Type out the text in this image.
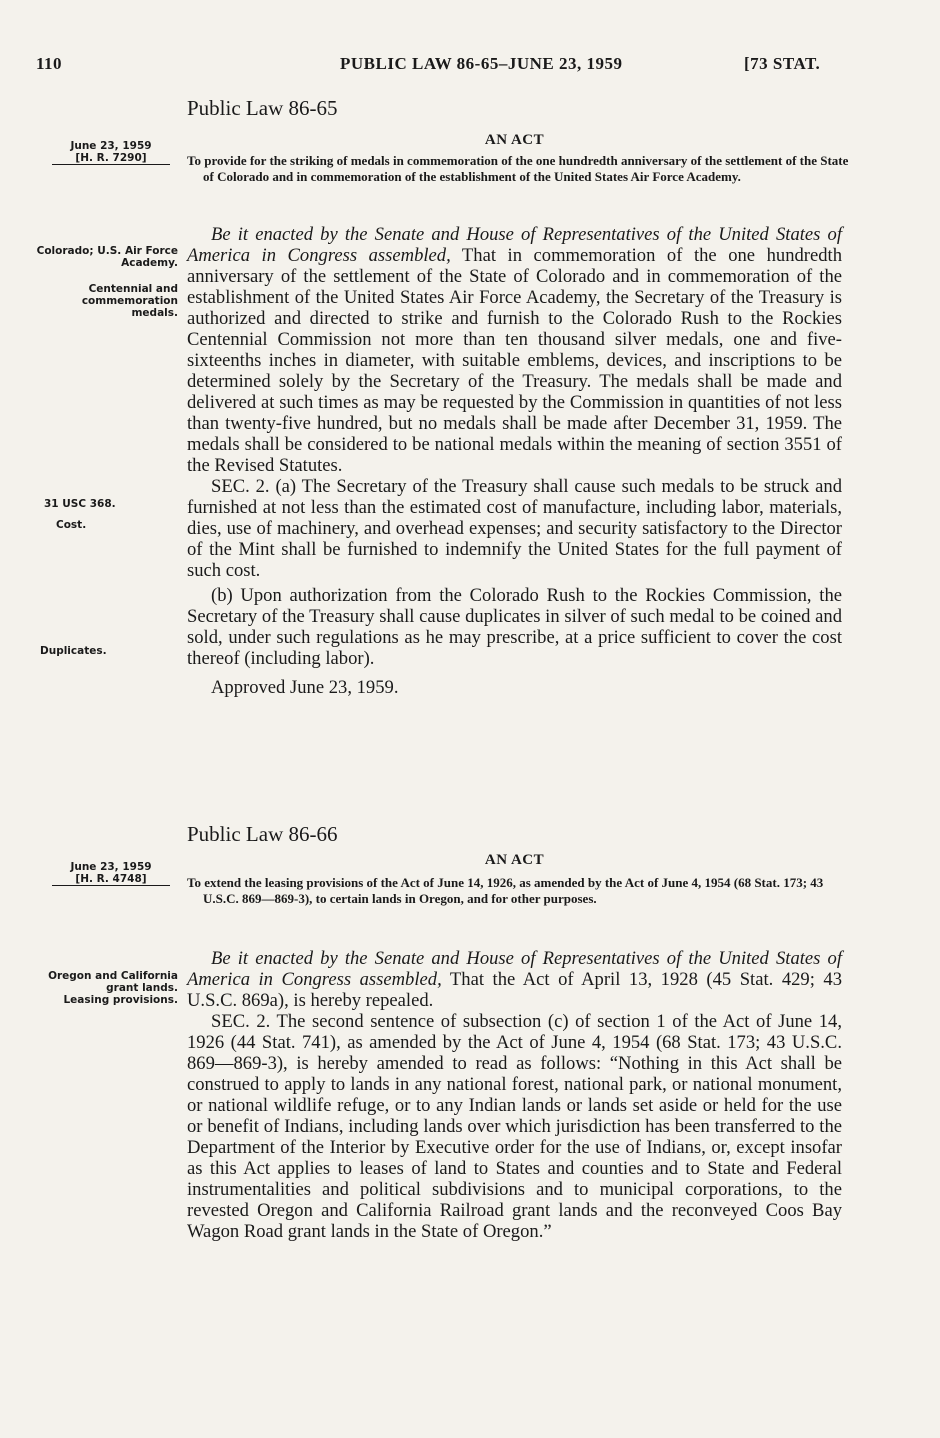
110	PUBLIC LAW 86-65–JUNE 23, 1959	[73 STAT.
Public Law 86-65
June 23, 1959
[H. R. 7290]
AN ACT
To provide for the striking of medals in commemoration of the one hundredth anniversary of the settlement of the State of Colorado and in commemoration of the establishment of the United States Air Force Academy.
Colorado; U.S. Air Force Academy.
Centennial and commemoration medals.
31 USC 368.
Cost.
Duplicates.

Be it enacted by the Senate and House of Representatives of the United States of America in Congress assembled, That in commemoration of the one hundredth anniversary of the settlement of the State of Colorado and in commemoration of the establishment of the United States Air Force Academy, the Secretary of the Treasury is authorized and directed to strike and furnish to the Colorado Rush to the Rockies Centennial Commission not more than ten thousand silver medals, one and five-sixteenths inches in diameter, with suitable emblems, devices, and inscriptions to be determined solely by the Secretary of the Treasury. The medals shall be made and delivered at such times as may be requested by the Commission in quantities of not less than twenty-five hundred, but no medals shall be made after December 31, 1959. The medals shall be considered to be national medals within the meaning of section 3551 of the Revised Statutes.

SEC. 2. (a) The Secretary of the Treasury shall cause such medals to be struck and furnished at not less than the estimated cost of manufacture, including labor, materials, dies, use of machinery, and overhead expenses; and security satisfactory to the Director of the Mint shall be furnished to indemnify the United States for the full payment of such cost.

(b) Upon authorization from the Colorado Rush to the Rockies Commission, the Secretary of the Treasury shall cause duplicates in silver of such medal to be coined and sold, under such regulations as he may prescribe, at a price sufficient to cover the cost thereof (including labor).

Approved June 23, 1959.
Public Law 86-66
June 23, 1959
[H. R. 4748]
AN ACT
To extend the leasing provisions of the Act of June 14, 1926, as amended by the Act of June 4, 1954 (68 Stat. 173; 43 U.S.C. 869—869-3), to certain lands in Oregon, and for other purposes.
Oregon and California grant lands.
Leasing provisions.

Be it enacted by the Senate and House of Representatives of the United States of America in Congress assembled, That the Act of April 13, 1928 (45 Stat. 429; 43 U.S.C. 869a), is hereby repealed.

SEC. 2. The second sentence of subsection (c) of section 1 of the Act of June 14, 1926 (44 Stat. 741), as amended by the Act of June 4, 1954 (68 Stat. 173; 43 U.S.C. 869—869-3), is hereby amended to read as follows: “Nothing in this Act shall be construed to apply to lands in any national forest, national park, or national monument, or national wildlife refuge, or to any Indian lands or lands set aside or held for the use or benefit of Indians, including lands over which jurisdiction has been transferred to the Department of the Interior by Executive order for the use of Indians, or, except insofar as this Act applies to leases of land to States and counties and to State and Federal instrumentalities and political subdivisions and to municipal corporations, to the revested Oregon and California Railroad grant lands and the reconveyed Coos Bay Wagon Road grant lands in the State of Oregon.”
